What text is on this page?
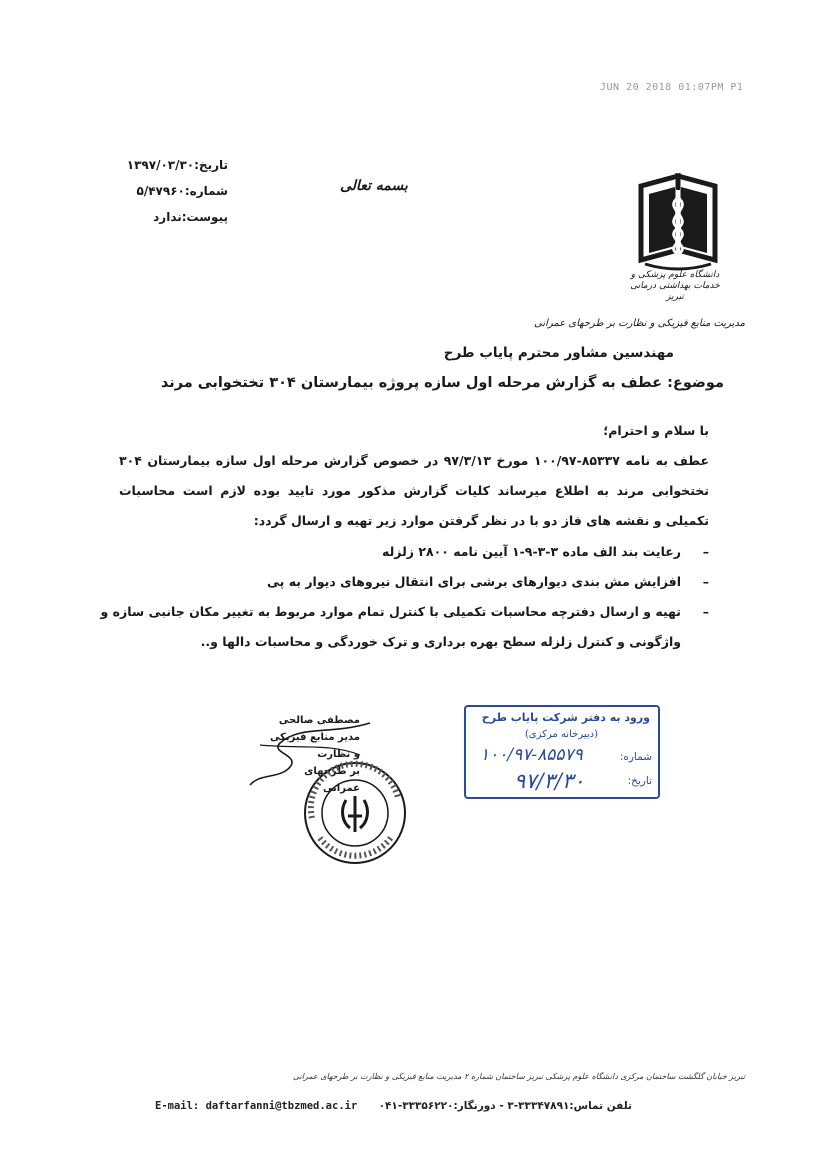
JUN 20 2018 01:07PM P1
تاریخ:۱۳۹۷/۰۳/۳۰
شماره:۵/۴۷۹۶۰
پیوست:ندارد
بسمه تعالی
دانشگاه علوم پزشکی و خدمات بهداشتی درمانی تبریز
مدیریت منابع فیزیکی و نظارت بر طرحهای عمرانی
مهندسین مشاور محترم پایاب طرح
موضوع: عطف به گزارش مرحله اول سازه پروژه بیمارستان ۳۰۴ تختخوابی مرند
با سلام و احترام؛
عطف به نامه ۸۵۳۳۷-۱۰۰/۹۷ مورخ ۹۷/۳/۱۳ در خصوص گزارش مرحله اول سازه بیمارستان ۳۰۴ تختخوابی مرند به اطلاع میرساند کلیات گزارش مذکور مورد تایید بوده لازم است محاسبات تکمیلی و نقشه های فاز دو با در نظر گرفتن موارد زیر تهیه و ارسال گردد:
– رعایت بند الف ماده ۳-۳-۹-۱ آیین نامه ۲۸۰۰ زلزله
– افزایش مش بندی دیوارهای برشی برای انتقال نیروهای دیوار به پی
– تهیه و ارسال دفترچه محاسبات تکمیلی با کنترل تمام موارد مربوط به تغییر مکان جانبی سازه و واژگونی و کنترل زلزله سطح بهره برداری و ترک خوردگی و محاسبات دالها و..
مصطفی صالحی
مدیر منابع فیزیکی و نظارت
بر طرحهای عمرانی
ورود به دفتر شرکت پایاب طرح
(دبیرخانه مرکزی)
شماره:
۱۰۰/۹۷-۸۵۵۷۹
تاریخ:
۹۷/۳/۳۰
تبریز خیابان گلگشت ساختمان مرکزی دانشگاه علوم پزشکی تبریز ساختمان شماره ۲ مدیریت منابع فیزیکی و نظارت بر طرحهای عمرانی
E-mail: daftarfanni@tbzmed.ac.ir تلفن تماس:۳۳۳۴۷۸۹۱-۳ - دورنگار:۳۳۳۵۶۲۲۰-۰۴۱
